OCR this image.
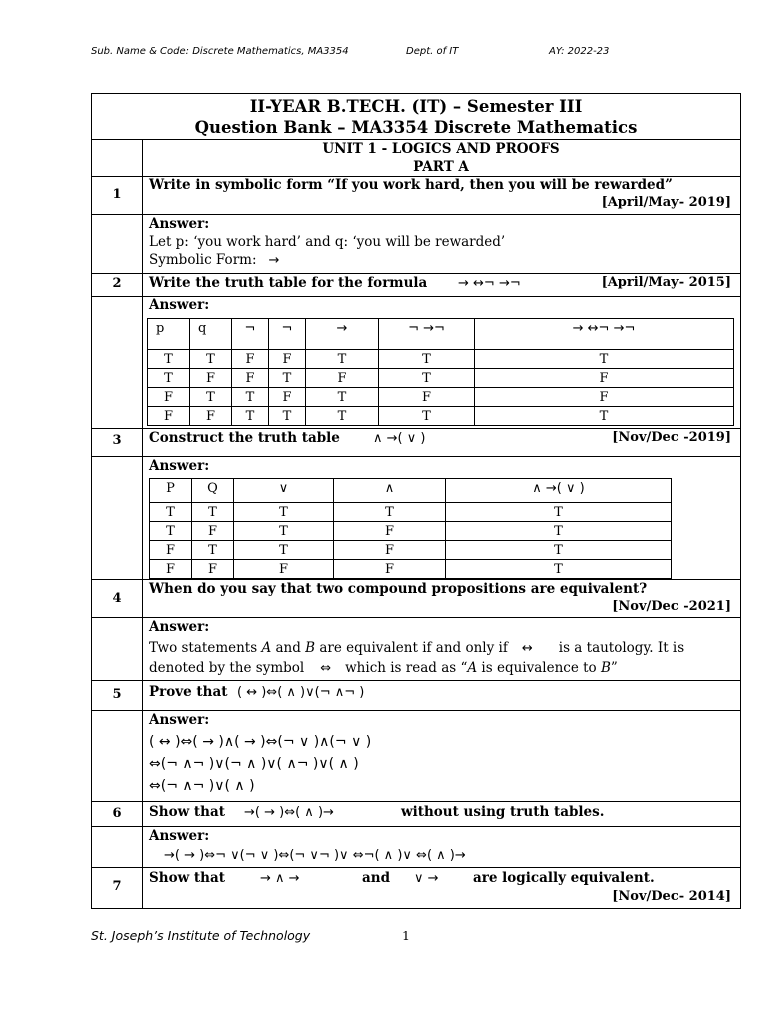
Sub. Name & Code: Discrete Mathematics, MA3354	Dept. of IT	AY: 2022-23
II-YEAR B.TECH. (IT) – Semester III
Question Bank – MA3354 Discrete Mathematics
UNIT 1 - LOGICS AND PROOFS
PART A
1
Write in symbolic form “If you work hard, then you will be rewarded”
[April/May- 2019]
Answer:
Let p: ‘you work hard’ and q: ‘you will be rewarded’
Symbolic Form: →
2	Write the truth table for the formula → ↔¬ →¬	[April/May- 2015]
Answer:
p	q	¬	¬	→	¬ →¬	→ ↔¬ →¬
T	T	F	F	T	T	T
T	F	F	T	F	T	F
F	T	T	F	T	F	F
F	F	T	T	T	T	T
3	Construct the truth table	∧ →( ∨ )	[Nov/Dec -2019]
Answer:
P	Q	∨	∧	∧ →( ∨ )
T	T	T	T	T
T	F	T	F	T
F	T	T	F	T
F	F	F	F	T
4
When do you say that two compound propositions are equivalent?
[Nov/Dec -2021]
Answer:
Two statements A and B are equivalent if and only if ↔ is a tautology. It is
denoted by the symbol ⇔ which is read as “A is equivalence to B”
5	Prove that ( ↔ )⇔( ∧ )∨(¬ ∧¬ )
Answer:
( ↔ )⇔( → )∧( → )⇔(¬ ∨ )∧(¬ ∨ )
⇔(¬ ∧¬ )∨(¬ ∧ )∨( ∧¬ )∨( ∧ )
⇔(¬ ∧¬ )∨( ∧ )
6	Show that →( → )⇔( ∧ )→	without using truth tables.
Answer:
→( → )⇔¬ ∨(¬ ∨ )⇔(¬ ∨¬ )∨ ⇔¬( ∧ )∨ ⇔( ∧ )→
7
Show that	→ ∧ →	and ∨ →	are logically equivalent.
[Nov/Dec- 2014]
St. Joseph’s Institute of Technology	1
